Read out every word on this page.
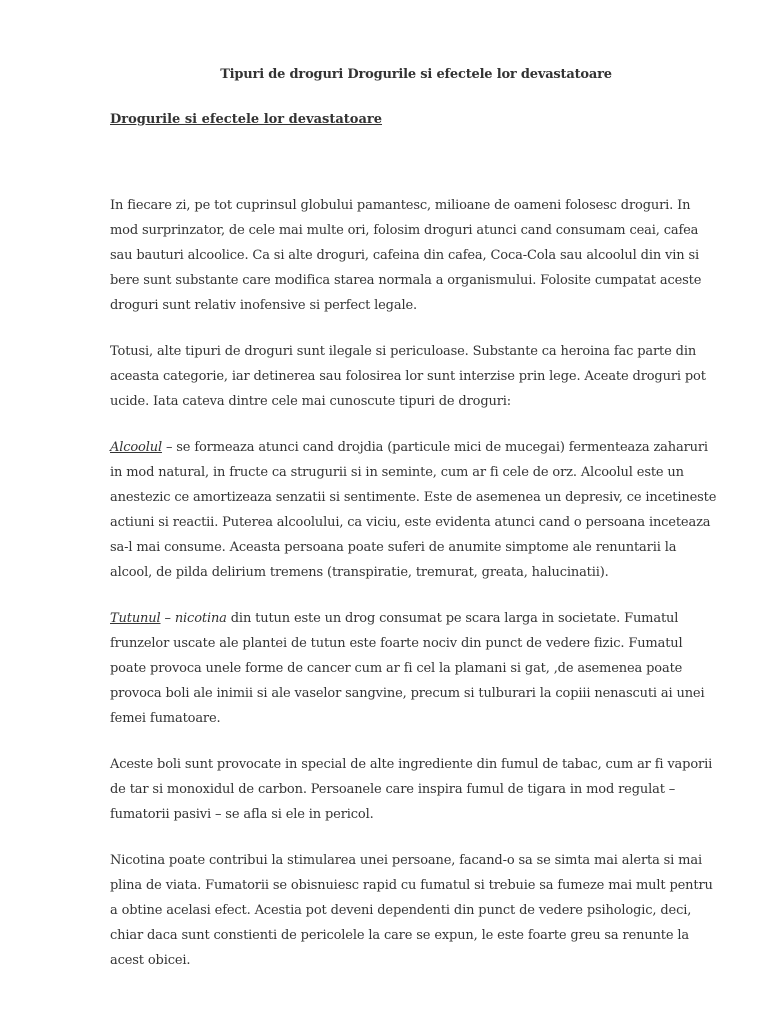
Tipuri de droguri Drogurile si efectele lor devastatoare
Drogurile si efectele lor devastatoare

In fiecare zi, pe tot cuprinsul globului pamantesc, milioane de oameni folosesc droguri. In mod surprinzator, de cele mai multe ori, folosim droguri atunci cand consumam ceai, cafea sau bauturi alcoolice. Ca si alte droguri, cafeina din cafea, Coca-Cola sau alcoolul din vin si bere sunt substante care modifica starea normala a organismului. Folosite cumpatat aceste droguri sunt relativ inofensive si perfect legale.

Totusi, alte tipuri de droguri sunt ilegale si periculoase. Substante ca heroina fac parte din aceasta categorie, iar detinerea sau folosirea lor sunt interzise prin lege. Aceate droguri pot ucide. Iata cateva dintre cele mai cunoscute tipuri de droguri:

Alcoolul – se formeaza atunci cand drojdia (particule mici de mucegai) fermenteaza zaharuri in mod natural, in fructe ca strugurii si in seminte, cum ar fi cele de orz. Alcoolul este un anestezic ce amortizeaza senzatii si sentimente. Este de asemenea un depresiv, ce incetineste actiuni si reactii. Puterea alcoolului, ca viciu, este evidenta atunci cand o persoana inceteaza sa-l mai consume. Aceasta persoana poate suferi de anumite simptome ale renuntarii la alcool, de pilda delirium tremens (transpiratie, tremurat, greata, halucinatii).

Tutunul – nicotina din tutun este un drog consumat pe scara larga in societate. Fumatul frunzelor uscate ale plantei de tutun este foarte nociv din punct de vedere fizic. Fumatul poate provoca unele forme de cancer cum ar fi cel la plamani si gat, ,de asemenea poate provoca boli ale inimii si ale vaselor sangvine, precum si tulburari la copiii nenascuti ai unei femei fumatoare.

Aceste boli sunt provocate in special de alte ingrediente din fumul de tabac, cum ar fi vaporii de tar si monoxidul de carbon. Persoanele care inspira fumul de tigara in mod regulat – fumatorii pasivi – se afla si ele in pericol.

Nicotina poate contribui la stimularea unei persoane, facand-o sa se simta mai alerta si mai plina de viata. Fumatorii se obisnuiesc rapid cu fumatul si trebuie sa fumeze mai mult pentru a obtine acelasi efect. Acestia pot deveni dependenti din punct de vedere psihologic, deci, chiar daca sunt constienti de pericolele la care se expun, le este foarte greu sa renunte la acest obicei.
